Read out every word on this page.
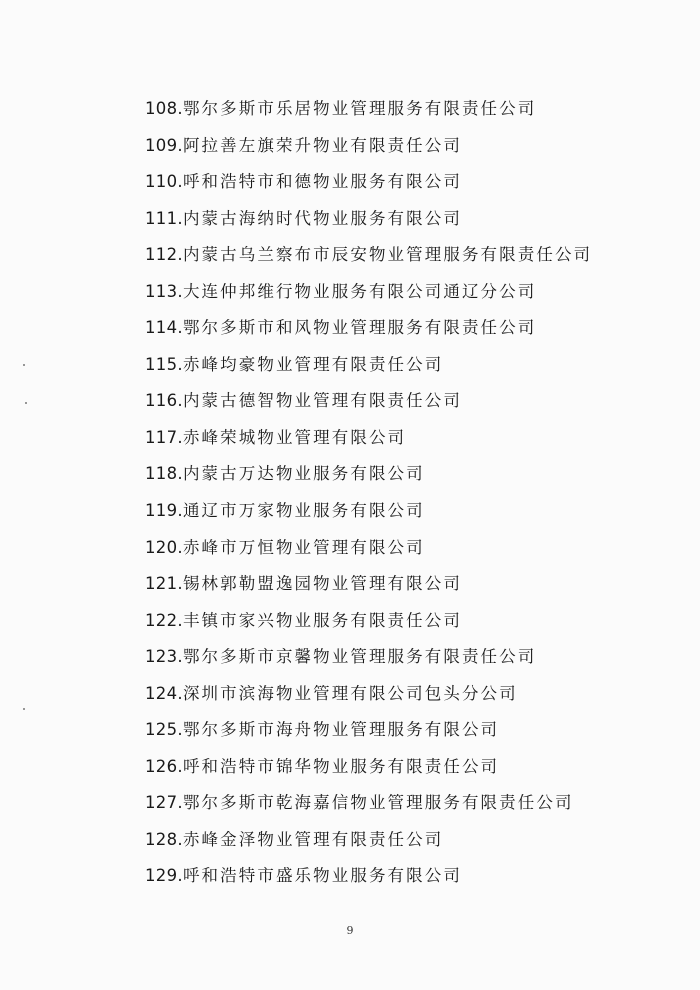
108.鄂尔多斯市乐居物业管理服务有限责任公司
109.阿拉善左旗荣升物业有限责任公司
110.呼和浩特市和德物业服务有限公司
111.内蒙古海纳时代物业服务有限公司
112.内蒙古乌兰察布市辰安物业管理服务有限责任公司
113.大连仲邦维行物业服务有限公司通辽分公司
114.鄂尔多斯市和风物业管理服务有限责任公司
115.赤峰均豪物业管理有限责任公司
116.内蒙古德智物业管理有限责任公司
117.赤峰荣城物业管理有限公司
118.内蒙古万达物业服务有限公司
119.通辽市万家物业服务有限公司
120.赤峰市万恒物业管理有限公司
121.锡林郭勒盟逸园物业管理有限公司
122.丰镇市家兴物业服务有限责任公司
123.鄂尔多斯市京馨物业管理服务有限责任公司
124.深圳市滨海物业管理有限公司包头分公司
125.鄂尔多斯市海舟物业管理服务有限公司
126.呼和浩特市锦华物业服务有限责任公司
127.鄂尔多斯市乾海嘉信物业管理服务有限责任公司
128.赤峰金泽物业管理有限责任公司
129.呼和浩特市盛乐物业服务有限公司
9
